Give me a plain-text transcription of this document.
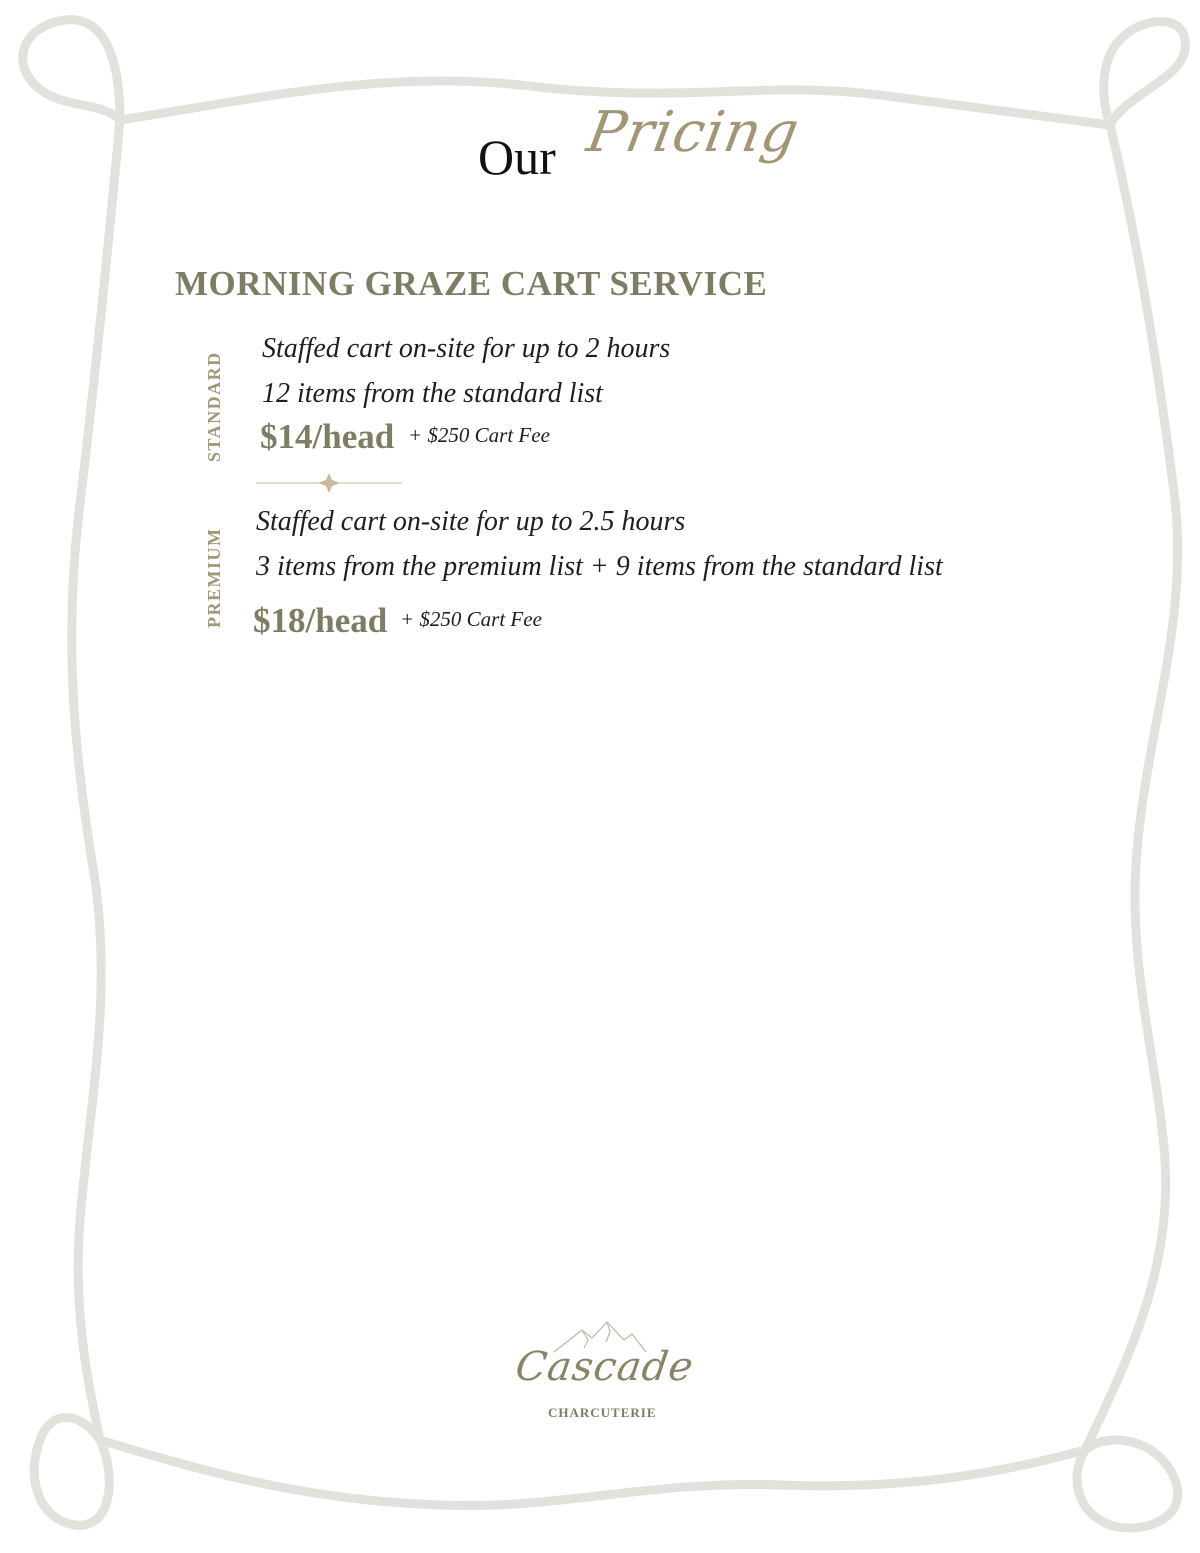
Our Pricing
MORNING GRAZE CART SERVICE
STANDARD
Staffed cart on-site for up to 2 hours
12 items from the standard list
$14/head + $250 Cart Fee
PREMIUM
Staffed cart on-site for up to 2.5 hours
3 items from the premium list + 9 items from the standard list
$18/head + $250 Cart Fee
Cascade
CHARCUTERIE
